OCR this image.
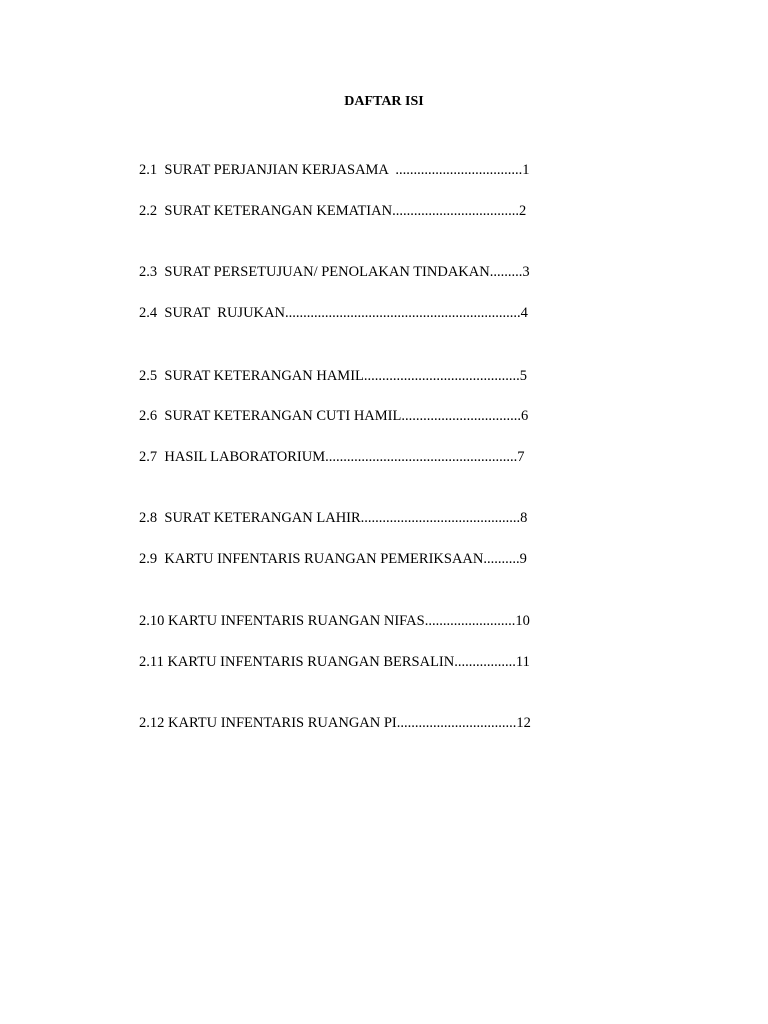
DAFTAR ISI
2.1  SURAT PERJANJIAN KERJASAMA  ...................................1
2.2  SURAT KETERANGAN KEMATIAN...................................2
2.3  SURAT PERSETUJUAN/ PENOLAKAN TINDAKAN.........3
2.4  SURAT  RUJUKAN.................................................................4
2.5  SURAT KETERANGAN HAMIL...........................................5
2.6  SURAT KETERANGAN CUTI HAMIL.................................6
2.7  HASIL LABORATORIUM.....................................................7
2.8  SURAT KETERANGAN LAHIR............................................8
2.9  KARTU INFENTARIS RUANGAN PEMERIKSAAN..........9
2.10 KARTU INFENTARIS RUANGAN NIFAS.........................10
2.11 KARTU INFENTARIS RUANGAN BERSALIN.................11
2.12 KARTU INFENTARIS RUANGAN PI.................................12
